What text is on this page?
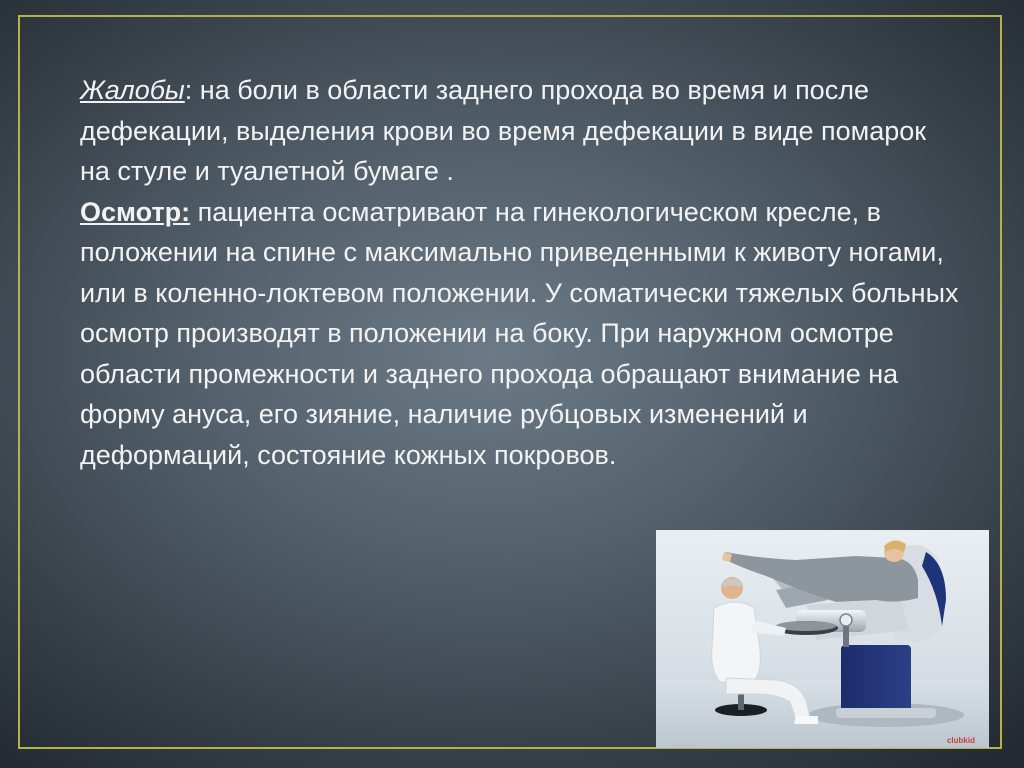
Жалобы: на боли в области заднего прохода во время и после дефекации, выделения крови во время дефекации в виде помарок на стуле и туалетной бумаге .

Осмотр: пациента осматривают на гинекологическом кресле, в положении на спине с максимально приведенными к животу ногами, или в коленно-локтевом положении. У соматически тяжелых больных осмотр производят в положении на боку. При наружном осмотре области промежности и заднего прохода обращают внимание на форму ануса, его зияние, наличие рубцовых изменений и деформаций, состояние кожных покровов.

clubkid
